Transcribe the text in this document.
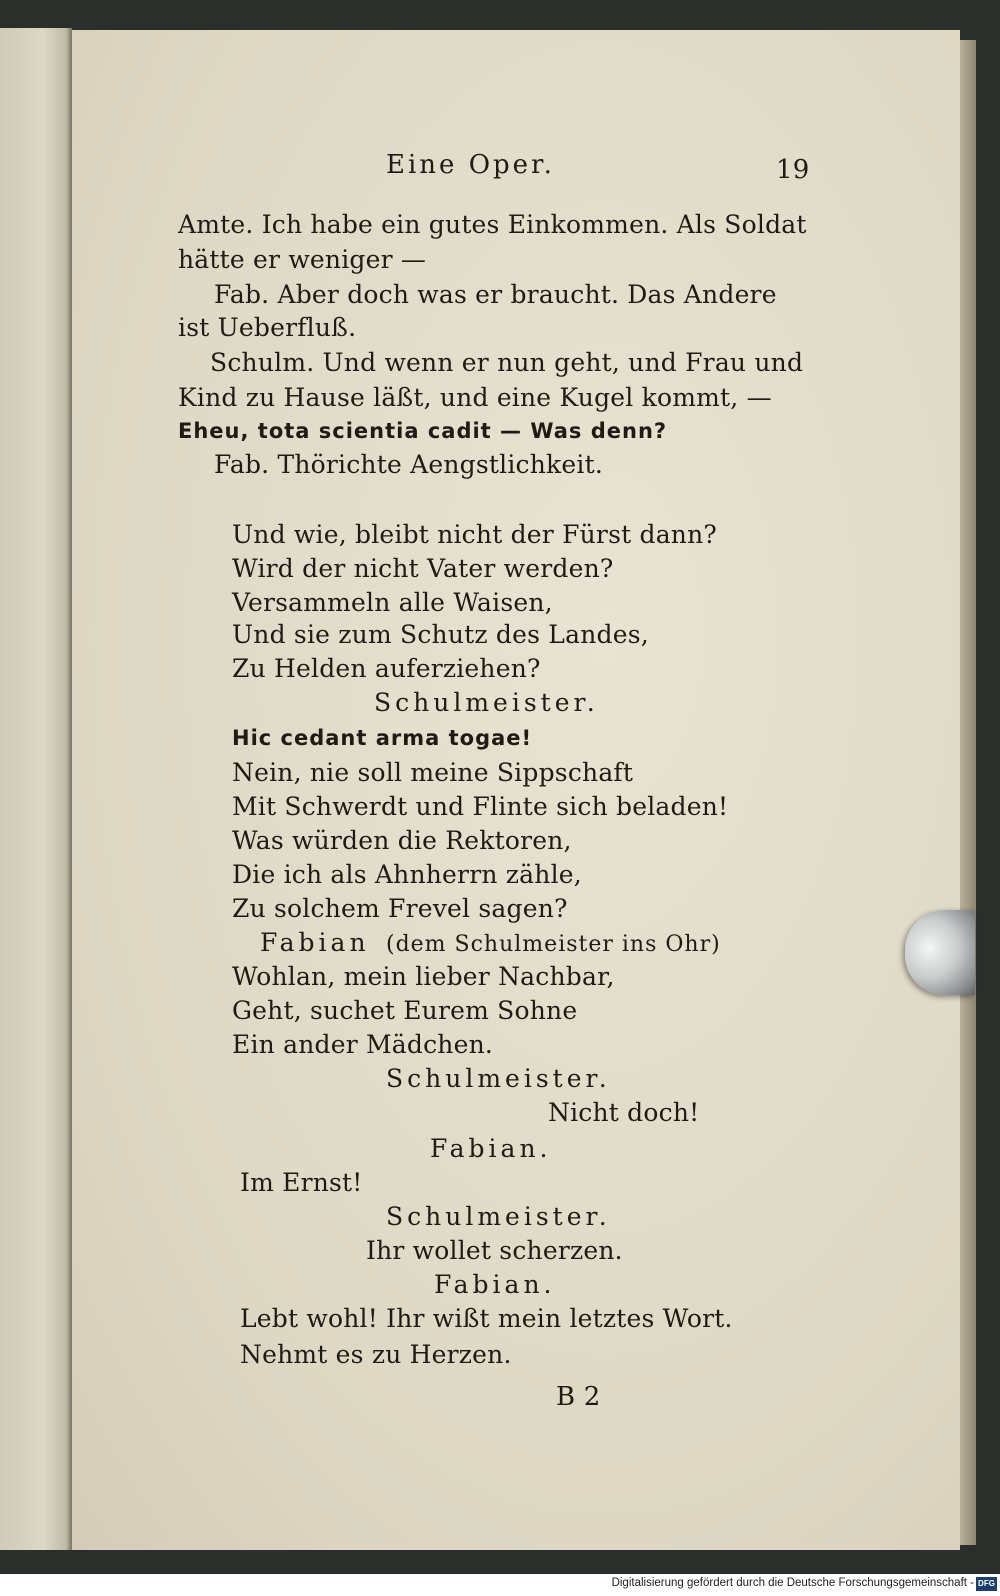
Eine Oper.	19
Amte. Ich habe ein gutes Einkommen. Als Soldat
hätte er weniger —
Fab. Aber doch was er braucht. Das Andere
ist Ueberfluß.
Schulm. Und wenn er nun geht, und Frau und
Kind zu Hause läßt, und eine Kugel kommt, —
Eheu, tota scientia cadit — Was denn?
Fab. Thörichte Aengstlichkeit.
Und wie, bleibt nicht der Fürst dann?
Wird der nicht Vater werden?
Versammeln alle Waisen,
Und sie zum Schutz des Landes,
Zu Helden auferziehen?
Schulmeister.
Hic cedant arma togae!
Nein, nie soll meine Sippschaft
Mit Schwerdt und Flinte sich beladen!
Was würden die Rektoren,
Die ich als Ahnherrn zähle,
Zu solchem Frevel sagen?
Fabian (dem Schulmeister ins Ohr)
Wohlan, mein lieber Nachbar,
Geht, suchet Eurem Sohne
Ein ander Mädchen.
Schulmeister.
Nicht doch!
Fabian.
Im Ernst!
Schulmeister.
Ihr wollet scherzen.
Fabian.
Lebt wohl! Ihr wißt mein letztes Wort.
Nehmt es zu Herzen.
B 2
Digitalisierung gefördert durch die Deutsche Forschungsgemeinschaft - DFG
